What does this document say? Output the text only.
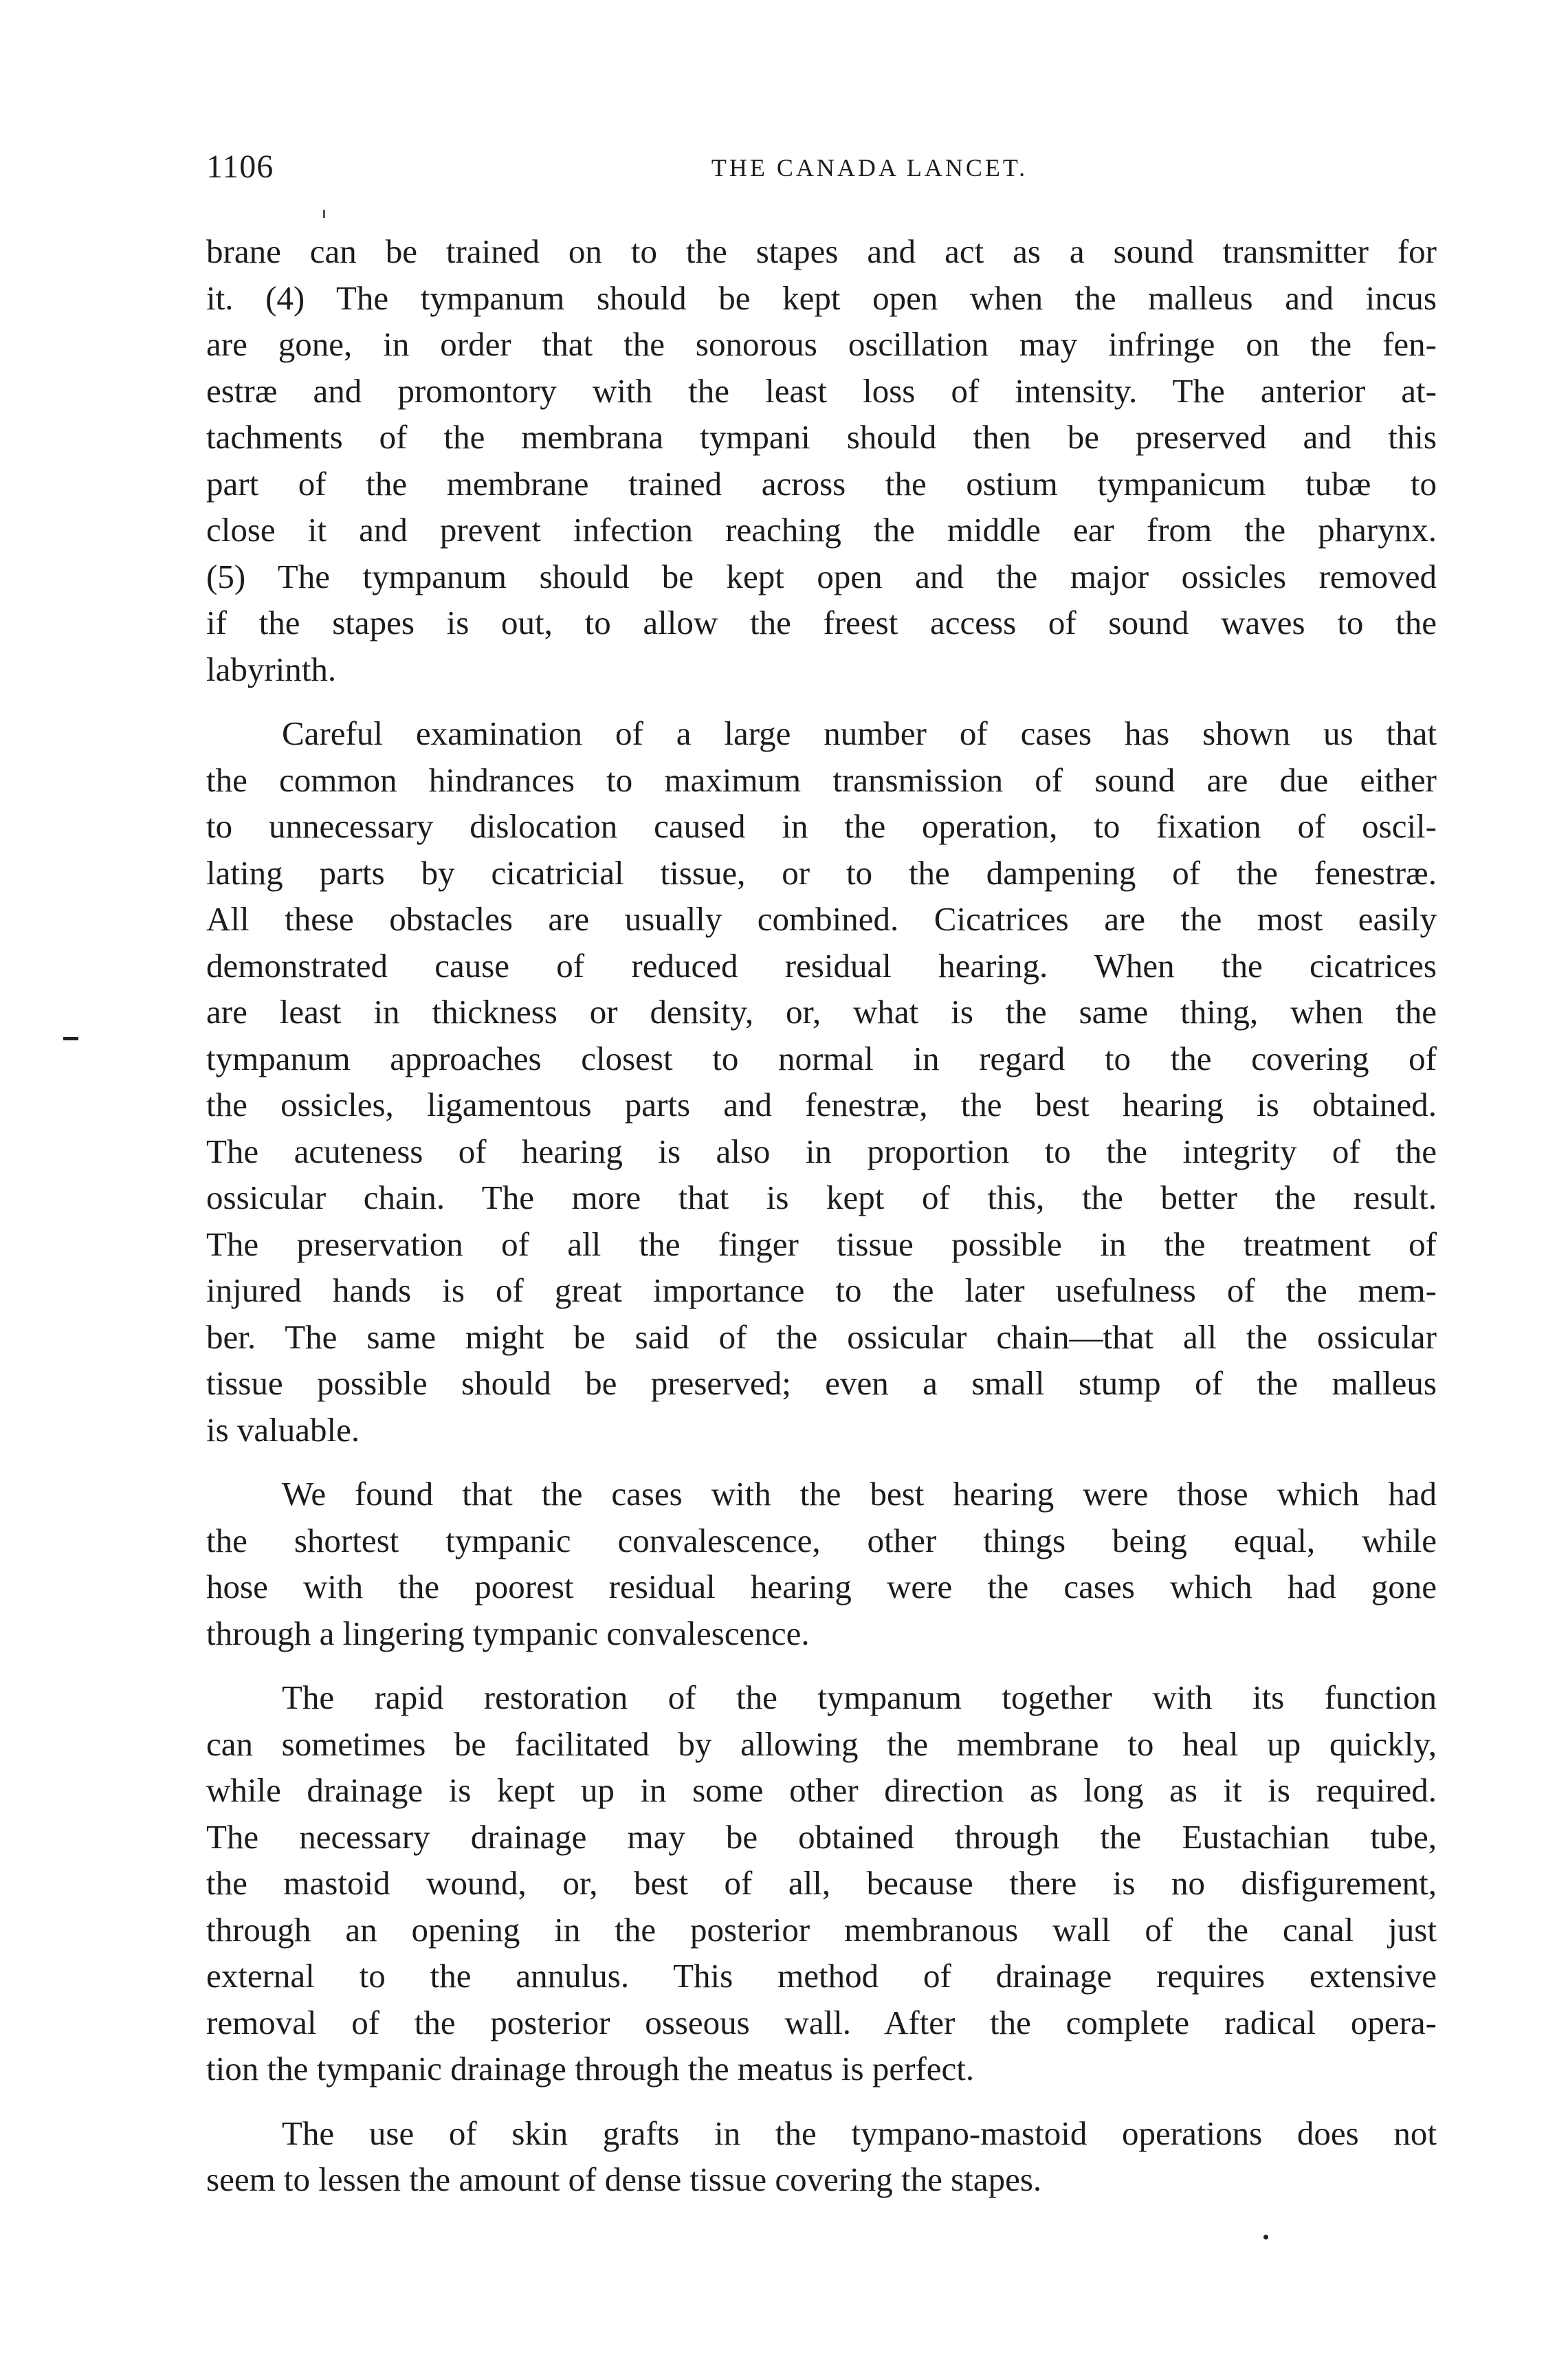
1106	THE CANADA LANCET.
brane can be trained on to the stapes and act as a sound transmitter for
it. (4) The tympanum should be kept open when the malleus and incus
are gone, in order that the sonorous oscillation may infringe on the fen-
estræ and promontory with the least loss of intensity. The anterior at-
tachments of the membrana tympani should then be preserved and this
part of the membrane trained across the ostium tympanicum tubæ to
close it and prevent infection reaching the middle ear from the pharynx.
(5) The tympanum should be kept open and the major ossicles removed
if the stapes is out, to allow the freest access of sound waves to the
labyrinth.
Careful examination of a large number of cases has shown us that
the common hindrances to maximum transmission of sound are due either
to unnecessary dislocation caused in the operation, to fixation of oscil-
lating parts by cicatricial tissue, or to the dampening of the fenestræ.
All these obstacles are usually combined. Cicatrices are the most easily
demonstrated cause of reduced residual hearing. When the cicatrices
are least in thickness or density, or, what is the same thing, when the
tympanum approaches closest to normal in regard to the covering of
the ossicles, ligamentous parts and fenestræ, the best hearing is obtained.
The acuteness of hearing is also in proportion to the integrity of the
ossicular chain. The more that is kept of this, the better the result.
The preservation of all the finger tissue possible in the treatment of
injured hands is of great importance to the later usefulness of the mem-
ber. The same might be said of the ossicular chain—that all the ossicular
tissue possible should be preserved; even a small stump of the malleus
is valuable.
We found that the cases with the best hearing were those which had
the shortest tympanic convalescence, other things being equal, while
hose with the poorest residual hearing were the cases which had gone
through a lingering tympanic convalescence.
The rapid restoration of the tympanum together with its function
can sometimes be facilitated by allowing the membrane to heal up quickly,
while drainage is kept up in some other direction as long as it is required.
The necessary drainage may be obtained through the Eustachian tube,
the mastoid wound, or, best of all, because there is no disfigurement,
through an opening in the posterior membranous wall of the canal just
external to the annulus. This method of drainage requires extensive
removal of the posterior osseous wall. After the complete radical opera-
tion the tympanic drainage through the meatus is perfect.
The use of skin grafts in the tympano-mastoid operations does not
seem to lessen the amount of dense tissue covering the stapes.
